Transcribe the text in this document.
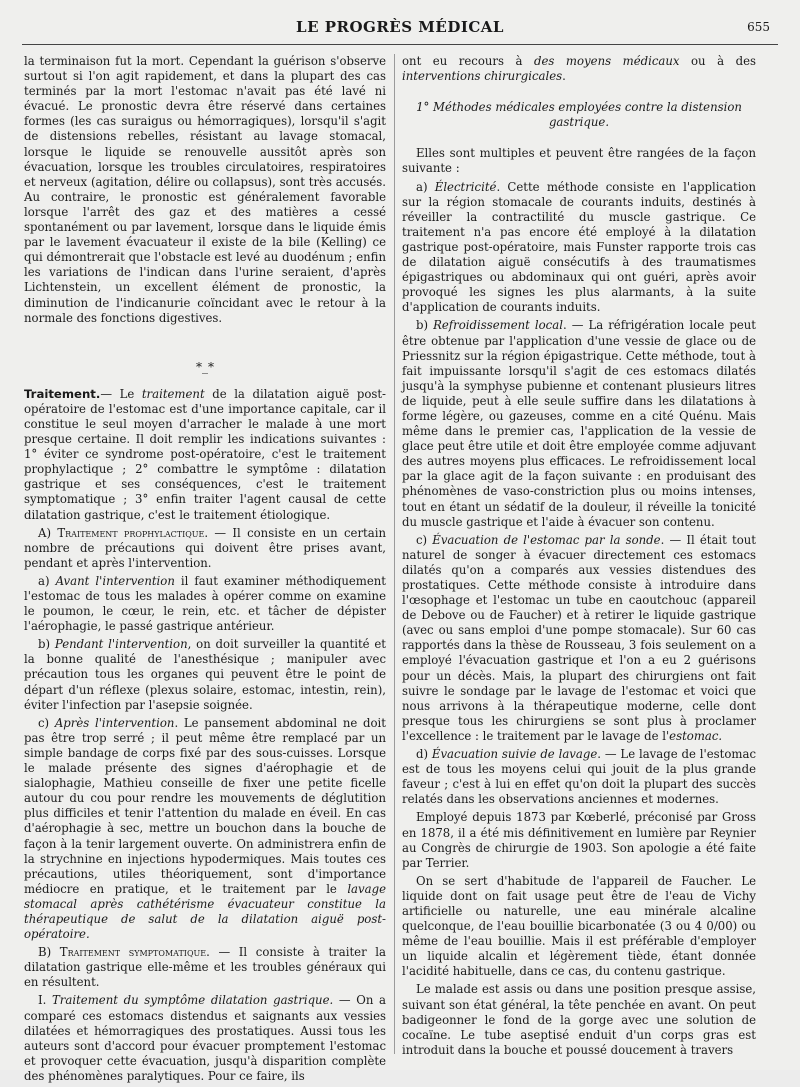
LE PROGRÈS MÉDICAL	655

la terminaison fut la mort. Cependant la guérison s'observe surtout si l'on agit rapidement, et dans la plupart des cas terminés par la mort l'estomac n'avait pas été lavé ni évacué. Le pronostic devra être réservé dans certaines formes (les cas suraigus ou hémorragiques), lorsqu'il s'agit de distensions rebelles, résistant au lavage stomacal, lorsque le liquide se renouvelle aussitôt après son évacuation, lorsque les troubles circulatoires, respiratoires et nerveux (agitation, délire ou collapsus), sont très accusés. Au contraire, le pronostic est généralement favorable lorsque l'arrêt des gaz et des matières a cessé spontanément ou par lavement, lorsque dans le liquide émis par le lavement évacuateur il existe de la bile (Kelling) ce qui démontrerait que l'obstacle est levé au duodénum ; enfin les variations de l'indican dans l'urine seraient, d'après Lichtenstein, un excellent élément de pronostic, la diminution de l'indicanurie coïncidant avec le retour à la normale des fonctions digestives.

*_*

Traitement.— Le traitement de la dilatation aiguë post-opératoire de l'estomac est d'une importance capitale, car il constitue le seul moyen d'arracher le malade à une mort presque certaine. Il doit remplir les indications suivantes : 1° éviter ce syndrome post-opératoire, c'est le traitement prophylactique ; 2° combattre le symptôme : dilatation gastrique et ses conséquences, c'est le traitement symptomatique ; 3° enfin traiter l'agent causal de cette dilatation gastrique, c'est le traitement étiologique.

A) Traitement prophylactique. — Il consiste en un certain nombre de précautions qui doivent être prises avant, pendant et après l'intervention.

a) Avant l'intervention il faut examiner méthodiquement l'estomac de tous les malades à opérer comme on examine le poumon, le cœur, le rein, etc. et tâcher de dépister l'aérophagie, le passé gastrique antérieur.

b) Pendant l'intervention, on doit surveiller la quantité et la bonne qualité de l'anesthésique ; manipuler avec précaution tous les organes qui peuvent être le point de départ d'un réflexe (plexus solaire, estomac, intestin, rein), éviter l'infection par l'asepsie soignée.

c) Après l'intervention. Le pansement abdominal ne doit pas être trop serré ; il peut même être remplacé par un simple bandage de corps fixé par des sous-cuisses. Lorsque le malade présente des signes d'aérophagie et de sialophagie, Mathieu conseille de fixer une petite ficelle autour du cou pour rendre les mouvements de déglutition plus difficiles et tenir l'attention du malade en éveil. En cas d'aérophagie à sec, mettre un bouchon dans la bouche de façon à la tenir largement ouverte. On administrera enfin de la strychnine en injections hypodermiques. Mais toutes ces précautions, utiles théoriquement, sont d'importance médiocre en pratique, et le traitement par le lavage stomacal après cathétérisme évacuateur constitue la thérapeutique de salut de la dilatation aiguë post-opératoire.

B) Traitement symptomatique. — Il consiste à traiter la dilatation gastrique elle-même et les troubles généraux qui en résultent.

I. Traitement du symptôme dilatation gastrique. — On a comparé ces estomacs distendus et saignants aux vessies dilatées et hémorragiques des prostatiques. Aussi tous les auteurs sont d'accord pour évacuer promptement l'estomac et provoquer cette évacuation, jusqu'à disparition complète des phénomènes paralytiques. Pour ce faire, ils

ont eu recours à des moyens médicaux ou à des interventions chirurgicales.

1° Méthodes médicales employées contre la distension gastrique.

Elles sont multiples et peuvent être rangées de la façon suivante :

a) Électricité. Cette méthode consiste en l'application sur la région stomacale de courants induits, destinés à réveiller la contractilité du muscle gastrique. Ce traitement n'a pas encore été employé à la dilatation gastrique post-opératoire, mais Funster rapporte trois cas de dilatation aiguë consécutifs à des traumatismes épigastriques ou abdominaux qui ont guéri, après avoir provoqué les signes les plus alarmants, à la suite d'application de courants induits.

b) Refroidissement local. — La réfrigération locale peut être obtenue par l'application d'une vessie de glace ou de Priessnitz sur la région épigastrique. Cette méthode, tout à fait impuissante lorsqu'il s'agit de ces estomacs dilatés jusqu'à la symphyse pubienne et contenant plusieurs litres de liquide, peut à elle seule suffire dans les dilatations à forme légère, ou gazeuses, comme en a cité Quénu. Mais même dans le premier cas, l'application de la vessie de glace peut être utile et doit être employée comme adjuvant des autres moyens plus efficaces. Le refroidissement local par la glace agit de la façon suivante : en produisant des phénomènes de vaso-constriction plus ou moins intenses, tout en étant un sédatif de la douleur, il réveille la tonicité du muscle gastrique et l'aide à évacuer son contenu.

c) Évacuation de l'estomac par la sonde. — Il était tout naturel de songer à évacuer directement ces estomacs dilatés qu'on a comparés aux vessies distendues des prostatiques. Cette méthode consiste à introduire dans l'œsophage et l'estomac un tube en caoutchouc (appareil de Debove ou de Faucher) et à retirer le liquide gastrique (avec ou sans emploi d'une pompe stomacale). Sur 60 cas rapportés dans la thèse de Rousseau, 3 fois seulement on a employé l'évacuation gastrique et l'on a eu 2 guérisons pour un décès. Mais, la plupart des chirurgiens ont fait suivre le sondage par le lavage de l'estomac et voici que nous arrivons à la thérapeutique moderne, celle dont presque tous les chirurgiens se sont plus à proclamer l'excellence : le traitement par le lavage de l'estomac.

d) Évacuation suivie de lavage. — Le lavage de l'estomac est de tous les moyens celui qui jouit de la plus grande faveur ; c'est à lui en effet qu'on doit la plupart des succès relatés dans les observations anciennes et modernes.

Employé depuis 1873 par Kœberlé, préconisé par Gross en 1878, il a été mis définitivement en lumière par Reynier au Congrès de chirurgie de 1903. Son apologie a été faite par Terrier.

On se sert d'habitude de l'appareil de Faucher. Le liquide dont on fait usage peut être de l'eau de Vichy artificielle ou naturelle, une eau minérale alcaline quelconque, de l'eau bouillie bicarbonatée (3 ou 4 0/00) ou même de l'eau bouillie. Mais il est préférable d'employer un liquide alcalin et légèrement tiède, étant donnée l'acidité habituelle, dans ce cas, du contenu gastrique.

Le malade est assis ou dans une position presque assise, suivant son état général, la tête penchée en avant. On peut badigeonner le fond de la gorge avec une solution de cocaïne. Le tube aseptisé enduit d'un corps gras est introduit dans la bouche et poussé doucement à travers
